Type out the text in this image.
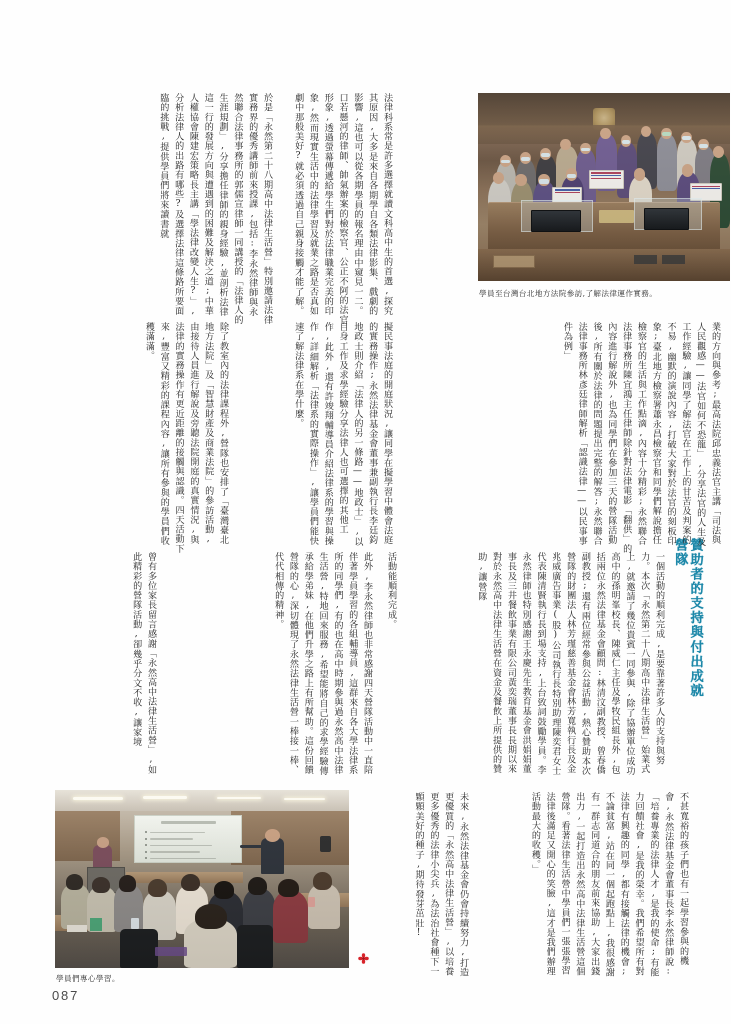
學員至台灣台北地方法院參訪,了解法律運作實務。
學員們專心學習。
贊助者的支持與付出成就營隊
法律科系常是許多選擇就讀文科高中生的首選,探究其原因,大多是來自各期學自各類法律影集、戲劇的影響,這也可以從各期學員的報名理由中窺見一二。口若懸河的律師、帥氣辦案的檢察官、公正不阿的法官形象,透過螢幕傳遞給學生們對於法律職業完美的印象,然而現實生活中的法律學習及就業之路是否真如劇中那般美好?就必須透過自己親身接觸才能了解。
於是「永然第二十八期高中法律生活營」特別邀請法律實務界的優秀講師前來授課,包括:李永然律師與永然聯合法律事務所的郭儒宣律師一同講授的「法律人的生涯規劃」,分享擔任律師的親身經驗,並剖析法律這一行的發展方向與遭遇到的困難及解決之道;中華人權協會陳建宏策略長主講「學法律改變人生?」,分析法律人的出路有哪些?及選擇法律這條路所要面臨的挑戰,提供學員們將來讀書就
業的方向與參考;最高法院邱忠義法官主講「司法與人民觀感——法官如何不恐龍」,分享法官的人生及工作經驗,讓同學了解法官在工作上的甘苦及判案的不易,幽默的演說內容,打破大家對於法官的刻板印象;臺北地方檢察署蕭永昌檢察官和同學們解說擔任檢察官的生活與工作點滴,內容十分精彩;永然聯合法律事務所陳宜鴻主任律師除針對法律電影「翻供」的內容進行解說外,也為同學們在參加三天的營隊活動後,所有關於法律的問題提出完整的解答;永然聯合法律事務所林彥廷律師解析「認識法律——以民事事件為例」
擬民事法庭的開庭狀況,讓同學在擬學習中體會法庭的實務操作;永然法律基金會董事兼副執行長李廷鈞地政士則介紹「法律人的另一條路——地政士」,以自身工作及求學經驗分享法律人也可選擇的其他工作,此外,還有許竣翔輔導員介紹法律系的學習與操作,詳細解析「法律系的實際操作」,讓學員們能快速了解法律系在學什麼。
除了教室內的法律課程外,營隊也安排了「臺灣臺北地方法院」及「智慧財產及商業法院」的參訪活動,由接待人員進行解說及旁聽法院開庭的真實情況,與法律的實務操作有更近距離的接觸與認識。四天活動下來,豐富又精彩的課程內容,讓所有參與的學員們收穫滿滿。
活動能順利完成。
此外,李永然律師也非常感謝四天營隊活動中一直陪伴著學員學習的各組輔導員,這群來自各大學法律系所的同學們,有的也在高中時期參與過永然高中法律生活營,特地回來服務,希望能將自己的求學經驗傳承給學弟妹,在他們升學之路上有所幫助。這份回饋營隊的心,深切體現了永然法律生活營一棒接一棒、代代相傳的精神。
曾有多位家長留言感謝「永然高中法律生活營」,如此精彩的營隊活動,卻幾乎分文不收,讓家境	一個活動的順利完成,是要靠著許多人的支持與努力。本次「永然第二十八期高中法律生活營」始業式上,就邀請了幾位貴賓一同參與,除了協辦單位成功高中的孫明峯校長、陳威仁主任及學牧民組長外,包括兩位永然法律基金會顧問:林清汶副教授、曾春僑副教授;還有兩位經常參與公益活動,熱心贊助本次營隊的財團法人林芳瑾慈善基金會林芳寬執行長及金兆威廣告事業(股)公司執行長特別助理陳奕君女士代表陳清賢執行長到場支持,上台致詞鼓勵學員。李永然律師也特別感謝王永慶先生教育基金會洪娟娟董事長及三井餐飲事業有限公司黃奕瑞董事長長期以來對於永然高中法律生活營在資金及餐飲上所提供的贊助,讓營隊
不甚寬裕的孩子們也有一起學習參與的機會,永然法律基金會董事長李永然律師說:「培養專業的法律人才,是我的使命;有能力回饋社會,是我的榮幸。我們希望所有對法律有興趣的同學,都有接觸法律的機會;不論貧富,站在同一個起跑點上,我很感謝有一群志同道合的朋友前來協助,大家出錢出力,一起打造出永然高中法律生活營這個營隊。看著法律生活營中學員們一張張學習法律後滿足又開心的笑臉,這才是我們辦理活動最大的收穫。」
未來,永然法律基金會仍會持續努力,打造更優質的「永然高中法律生活營」,以培養更多優秀的法律小尖兵,為法治社會種下一顆顆美好的種子,期待發芽茁壯!
087
